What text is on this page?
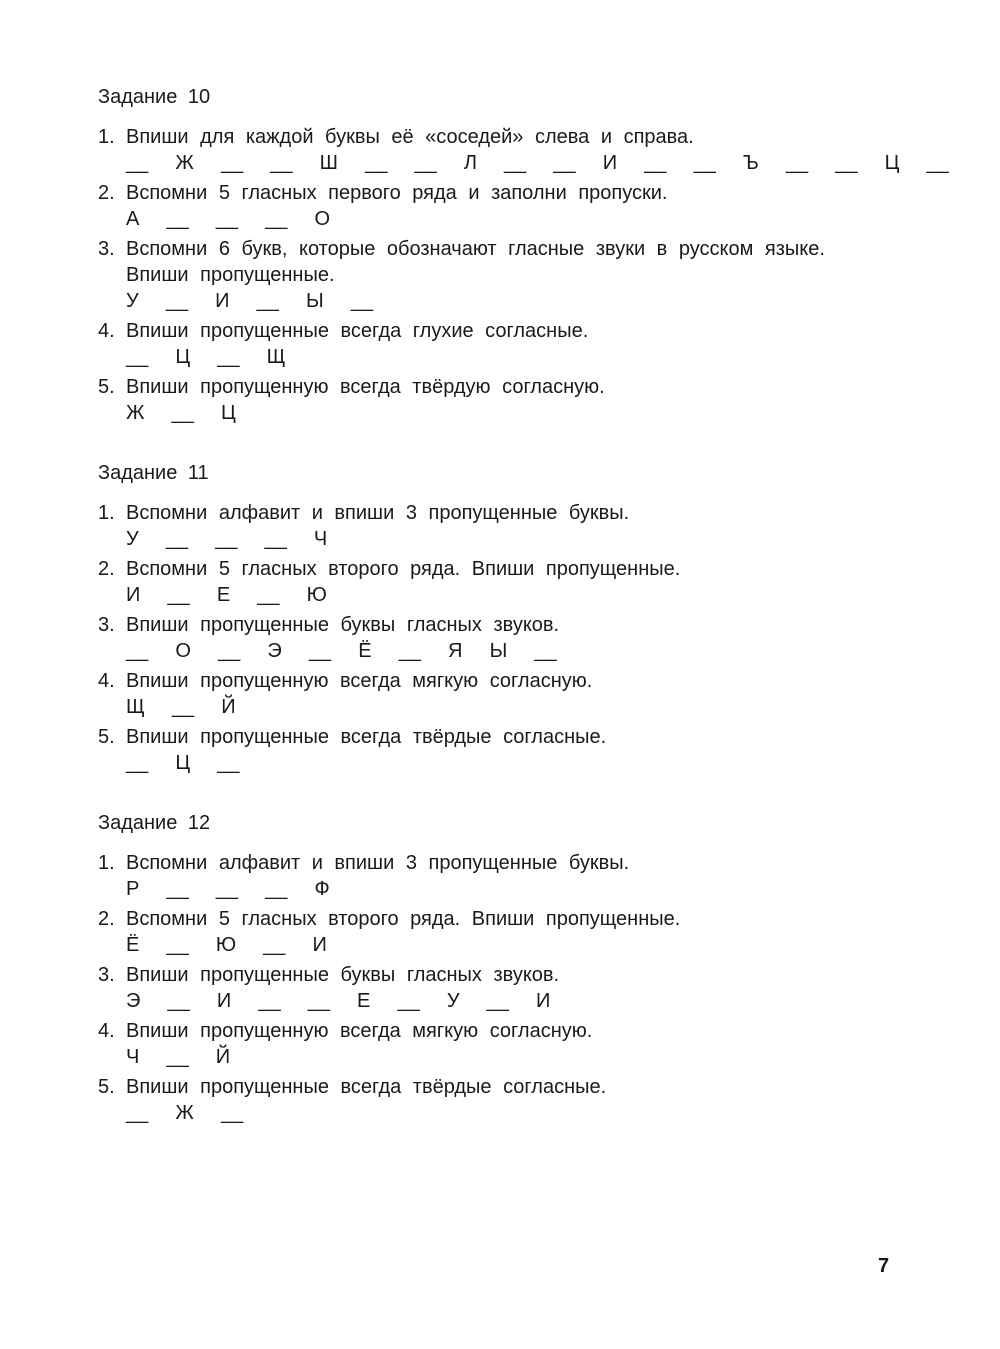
Задание 10
1. Впиши для каждой буквы её «соседей» слева и справа.
__  Ж  __  __  Ш  __  __  Л  __  __  И  __  __  Ъ  __  __  Ц  __
2. Вспомни 5 гласных первого ряда и заполни пропуски.
А  __  __  __  О
3. Вспомни 6 букв, которые обозначают гласные звуки в русском языке.
Впиши пропущенные.
У  __  И  __  Ы  __
4. Впиши пропущенные всегда глухие согласные.
__  Ц  __  Щ
5. Впиши пропущенную всегда твёрдую согласную.
Ж  __  Ц
Задание 11
1. Вспомни алфавит и впиши 3 пропущенные буквы.
У  __  __  __  Ч
2. Вспомни 5 гласных второго ряда. Впиши пропущенные.
И  __  Е  __  Ю
3. Впиши пропущенные буквы гласных звуков.
__  О  __  Э  __  Ё  __  Я  Ы  __
4. Впиши пропущенную всегда мягкую согласную.
Щ  __  Й
5. Впиши пропущенные всегда твёрдые согласные.
__  Ц  __
Задание 12
1. Вспомни алфавит и впиши 3 пропущенные буквы.
Р  __  __  __  Ф
2. Вспомни 5 гласных второго ряда. Впиши пропущенные.
Ё  __  Ю  __  И
3. Впиши пропущенные буквы гласных звуков.
Э  __  И  __  __  Е  __  У  __  И
4. Впиши пропущенную всегда мягкую согласную.
Ч  __  Й
5. Впиши пропущенные всегда твёрдые согласные.
__  Ж  __
7
